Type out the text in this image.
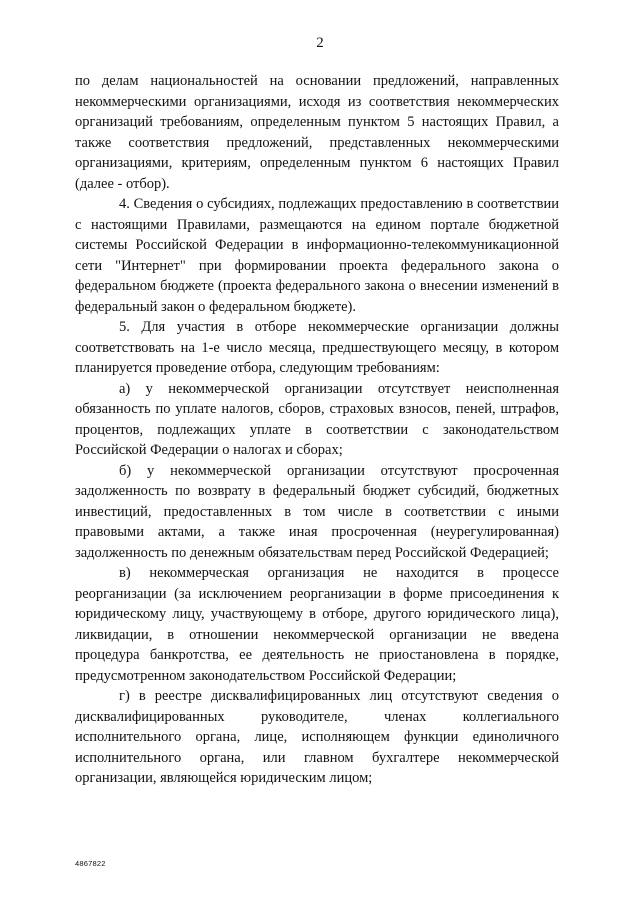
2

по делам национальностей на основании предложений, направленных некоммерческими организациями, исходя из соответствия некоммерческих организаций требованиям, определенным пунктом 5 настоящих Правил, а также соответствия предложений, представленных некоммерческими организациями, критериям, определенным пунктом 6 настоящих Правил (далее - отбор).

4. Сведения о субсидиях, подлежащих предоставлению в соответствии с настоящими Правилами, размещаются на едином портале бюджетной системы Российской Федерации в информационно-телекоммуникационной сети "Интернет" при формировании проекта федерального закона о федеральном бюджете (проекта федерального закона о внесении изменений в федеральный закон о федеральном бюджете).

5. Для участия в отборе некоммерческие организации должны соответствовать на 1-е число месяца, предшествующего месяцу, в котором планируется проведение отбора, следующим требованиям:

а) у некоммерческой организации отсутствует неисполненная обязанность по уплате налогов, сборов, страховых взносов, пеней, штрафов, процентов, подлежащих уплате в соответствии с законодательством Российской Федерации о налогах и сборах;

б) у некоммерческой организации отсутствуют просроченная задолженность по возврату в федеральный бюджет субсидий, бюджетных инвестиций, предоставленных в том числе в соответствии с иными правовыми актами, а также иная просроченная (неурегулированная) задолженность по денежным обязательствам перед Российской Федерацией;

в) некоммерческая организация не находится в процессе реорганизации (за исключением реорганизации в форме присоединения к юридическому лицу, участвующему в отборе, другого юридического лица), ликвидации, в отношении некоммерческой организации не введена процедура банкротства, ее деятельность не приостановлена в порядке, предусмотренном законодательством Российской Федерации;

г) в реестре дисквалифицированных лиц отсутствуют сведения о дисквалифицированных руководителе, членах коллегиального исполнительного органа, лице, исполняющем функции единоличного исполнительного органа, или главном бухгалтере некоммерческой организации, являющейся юридическим лицом;

4867822
